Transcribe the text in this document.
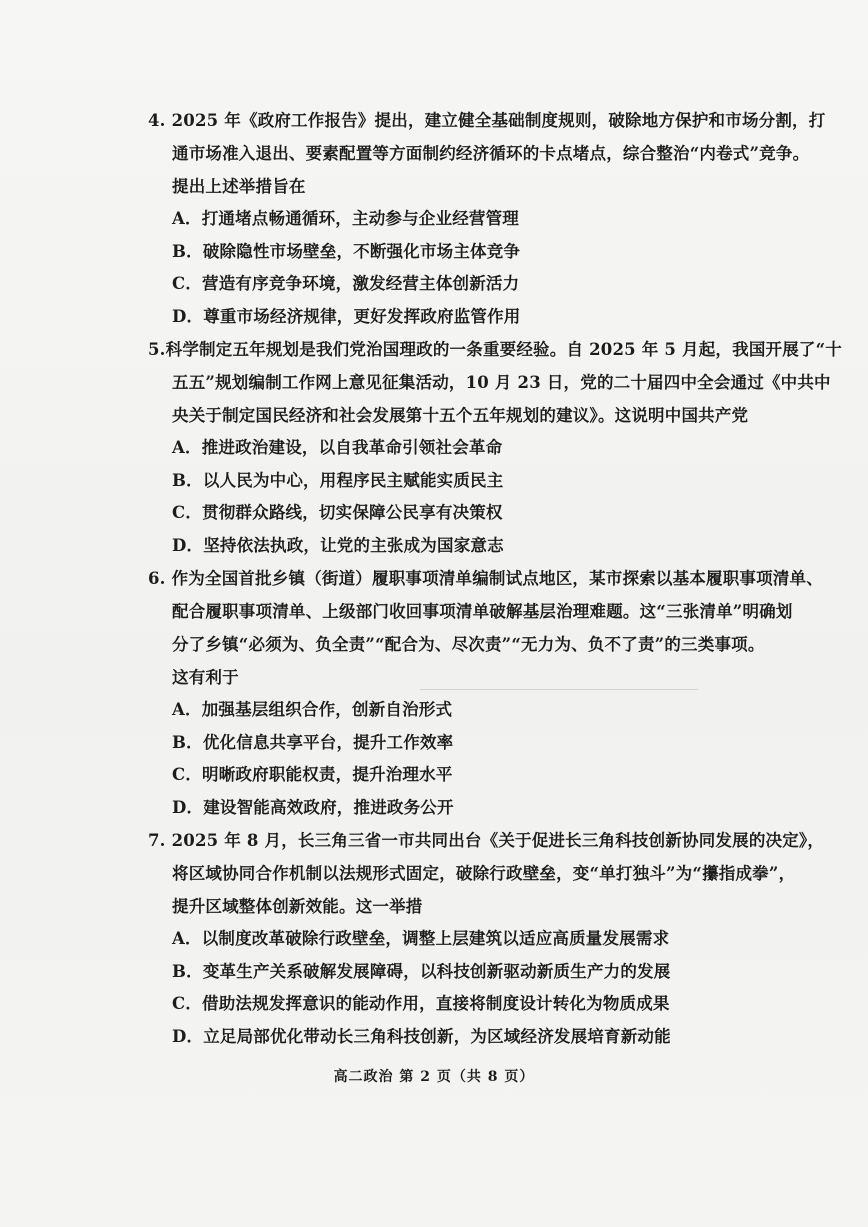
4. 2025 年《政府工作报告》提出，建立健全基础制度规则，破除地方保护和市场分割，打
通市场准入退出、要素配置等方面制约经济循环的卡点堵点，综合整治“内卷式”竞争。
提出上述举措旨在
A．打通堵点畅通循环，主动参与企业经营管理
B．破除隐性市场壁垒，不断强化市场主体竞争
C．营造有序竞争环境，激发经营主体创新活力
D．尊重市场经济规律，更好发挥政府监管作用
5.科学制定五年规划是我们党治国理政的一条重要经验。自 2025 年 5 月起，我国开展了“十
五五”规划编制工作网上意见征集活动，10 月 23 日，党的二十届四中全会通过《中共中
央关于制定国民经济和社会发展第十五个五年规划的建议》。这说明中国共产党
A．推进政治建设，以自我革命引领社会革命
B．以人民为中心，用程序民主赋能实质民主
C．贯彻群众路线，切实保障公民享有决策权
D．坚持依法执政，让党的主张成为国家意志
6. 作为全国首批乡镇（街道）履职事项清单编制试点地区，某市探索以基本履职事项清单、
配合履职事项清单、上级部门收回事项清单破解基层治理难题。这“三张清单”明确划
分了乡镇“必须为、负全责”“配合为、尽次责”“无力为、负不了责”的三类事项。
这有利于
A．加强基层组织合作，创新自治形式
B．优化信息共享平台，提升工作效率
C．明晰政府职能权责，提升治理水平
D．建设智能高效政府，推进政务公开
7. 2025 年 8 月，长三角三省一市共同出台《关于促进长三角科技创新协同发展的决定》，
将区域协同合作机制以法规形式固定，破除行政壁垒，变“单打独斗”为“攥指成拳”，
提升区域整体创新效能。这一举措
A．以制度改革破除行政壁垒，调整上层建筑以适应高质量发展需求
B．变革生产关系破解发展障碍，以科技创新驱动新质生产力的发展
C．借助法规发挥意识的能动作用，直接将制度设计转化为物质成果
D．立足局部优化带动长三角科技创新，为区域经济发展培育新动能
高二政治 第 2 页（共 8 页）
